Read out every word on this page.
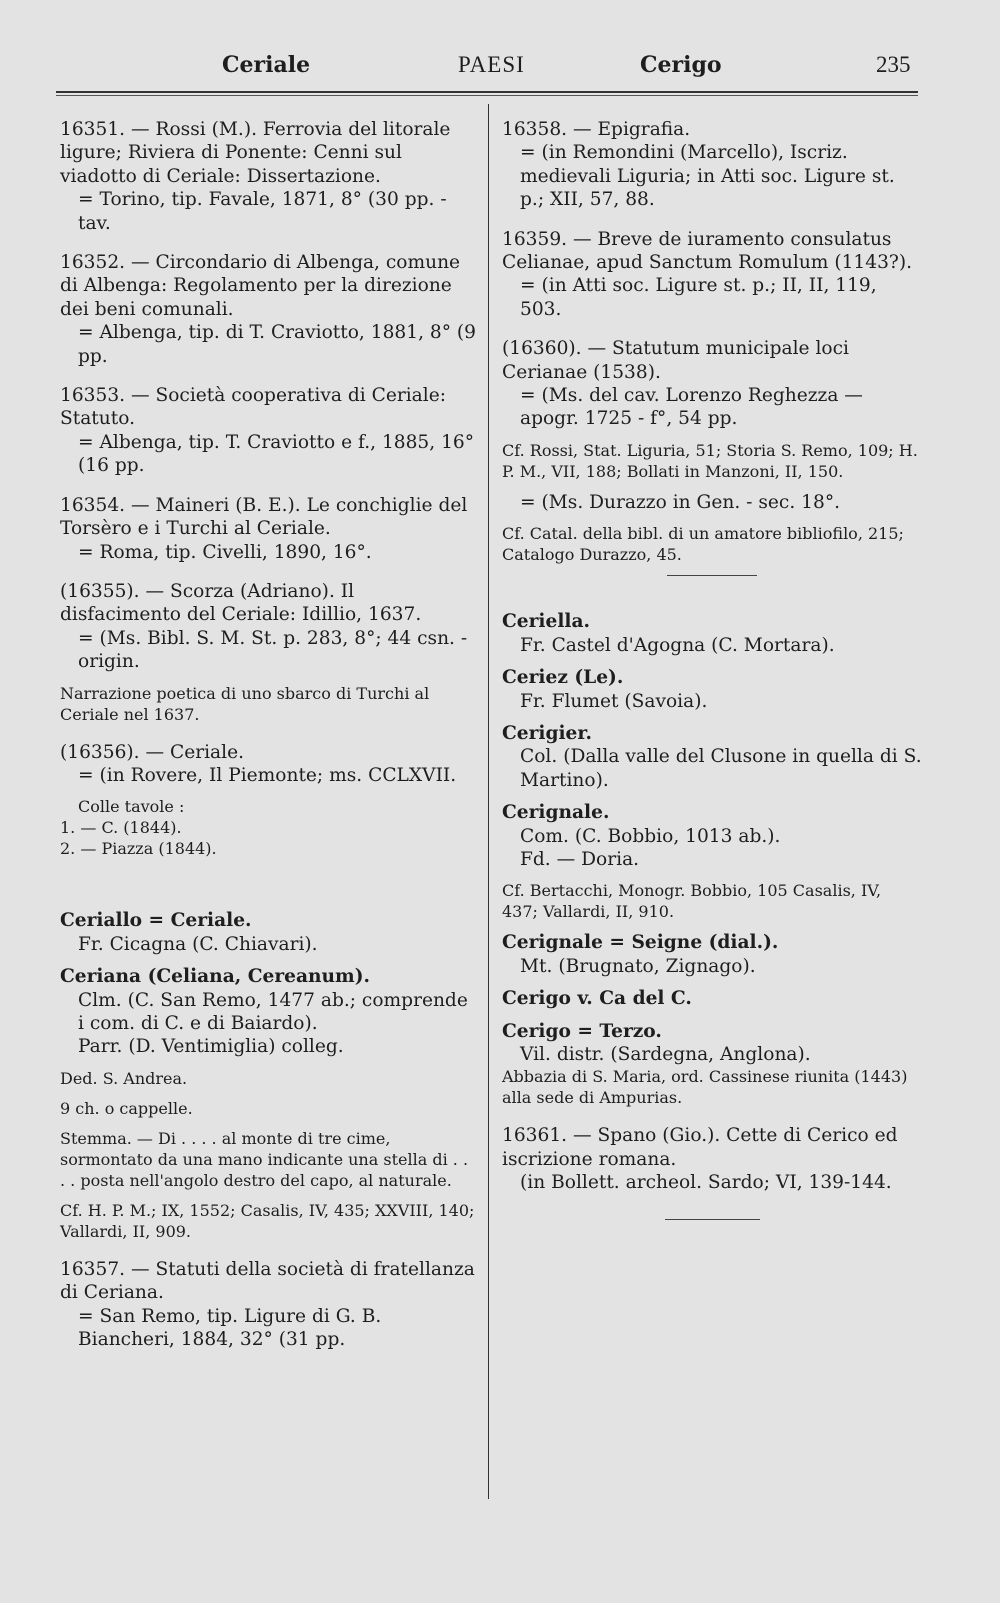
Ceriale	PAESI	Cerigo	235

16351. — Rossi (M.). Ferrovia del litorale ligure; Riviera di Ponente: Cenni sul viadotto di Ceriale: Dissertazione.

= Torino, tip. Favale, 1871, 8° (30 pp. - tav.

16352. — Circondario di Albenga, comune di Albenga: Regolamento per la direzione dei beni comunali.

= Albenga, tip. di T. Craviotto, 1881, 8° (9 pp.

16353. — Società cooperativa di Ceriale: Statuto.

= Albenga, tip. T. Craviotto e f., 1885, 16° (16 pp.

16354. — Maineri (B. E.). Le conchiglie del Torsèro e i Turchi al Ceriale.

= Roma, tip. Civelli, 1890, 16°.

(16355). — Scorza (Adriano). Il disfacimento del Ceriale: Idillio, 1637.

= (Ms. Bibl. S. M. St. p. 283, 8°; 44 csn. - origin.

Narrazione poetica di uno sbarco di Turchi al Ceriale nel 1637.

(16356). — Ceriale.

= (in Rovere, Il Piemonte; ms. CCLXVII.

Colle tavole :

1. — C. (1844).

2. — Piazza (1844).

Ceriallo = Ceriale.

Fr. Cicagna (C. Chiavari).

Ceriana (Celiana, Cereanum).

Clm. (C. San Remo, 1477 ab.; comprende i com. di C. e di Baiardo).

Parr. (D. Ventimiglia) colleg.

Ded. S. Andrea.

9 ch. o cappelle.

Stemma. — Di . . . . al monte di tre cime, sormontato da una mano indicante una stella di . . . . posta nell'angolo destro del capo, al naturale.

Cf. H. P. M.; IX, 1552; Casalis, IV, 435; XXVIII, 140; Vallardi, II, 909.

16357. — Statuti della società di fratellanza di Ceriana.

= San Remo, tip. Ligure di G. B. Biancheri, 1884, 32° (31 pp.

16358. — Epigrafia.

= (in Remondini (Marcello), Iscriz. medievali Liguria; in Atti soc. Ligure st. p.; XII, 57, 88.

16359. — Breve de iuramento consulatus Celianae, apud Sanctum Romulum (1143?).

= (in Atti soc. Ligure st. p.; II, II, 119, 503.

(16360). — Statutum municipale loci Cerianae (1538).

= (Ms. del cav. Lorenzo Reghezza — apogr. 1725 - f°, 54 pp.

Cf. Rossi, Stat. Liguria, 51; Storia S. Remo, 109; H. P. M., VII, 188; Bollati in Manzoni, II, 150.

= (Ms. Durazzo in Gen. - sec. 18°.

Cf. Catal. della bibl. di un amatore bibliofilo, 215; Catalogo Durazzo, 45.

Ceriella.

Fr. Castel d'Agogna (C. Mortara).

Ceriez (Le).

Fr. Flumet (Savoia).

Cerigier.

Col. (Dalla valle del Clusone in quella di S. Martino).

Cerignale.

Com. (C. Bobbio, 1013 ab.).

Fd. — Doria.

Cf. Bertacchi, Monogr. Bobbio, 105 Casalis, IV, 437; Vallardi, II, 910.

Cerignale = Seigne (dial.).

Mt. (Brugnato, Zignago).

Cerigo v. Ca del C.

Cerigo = Terzo.

Vil. distr. (Sardegna, Anglona).

Abbazia di S. Maria, ord. Cassinese riunita (1443) alla sede di Ampurias.

16361. — Spano (Gio.). Cette di Cerico ed iscrizione romana.

(in Bollett. archeol. Sardo; VI, 139-144.
